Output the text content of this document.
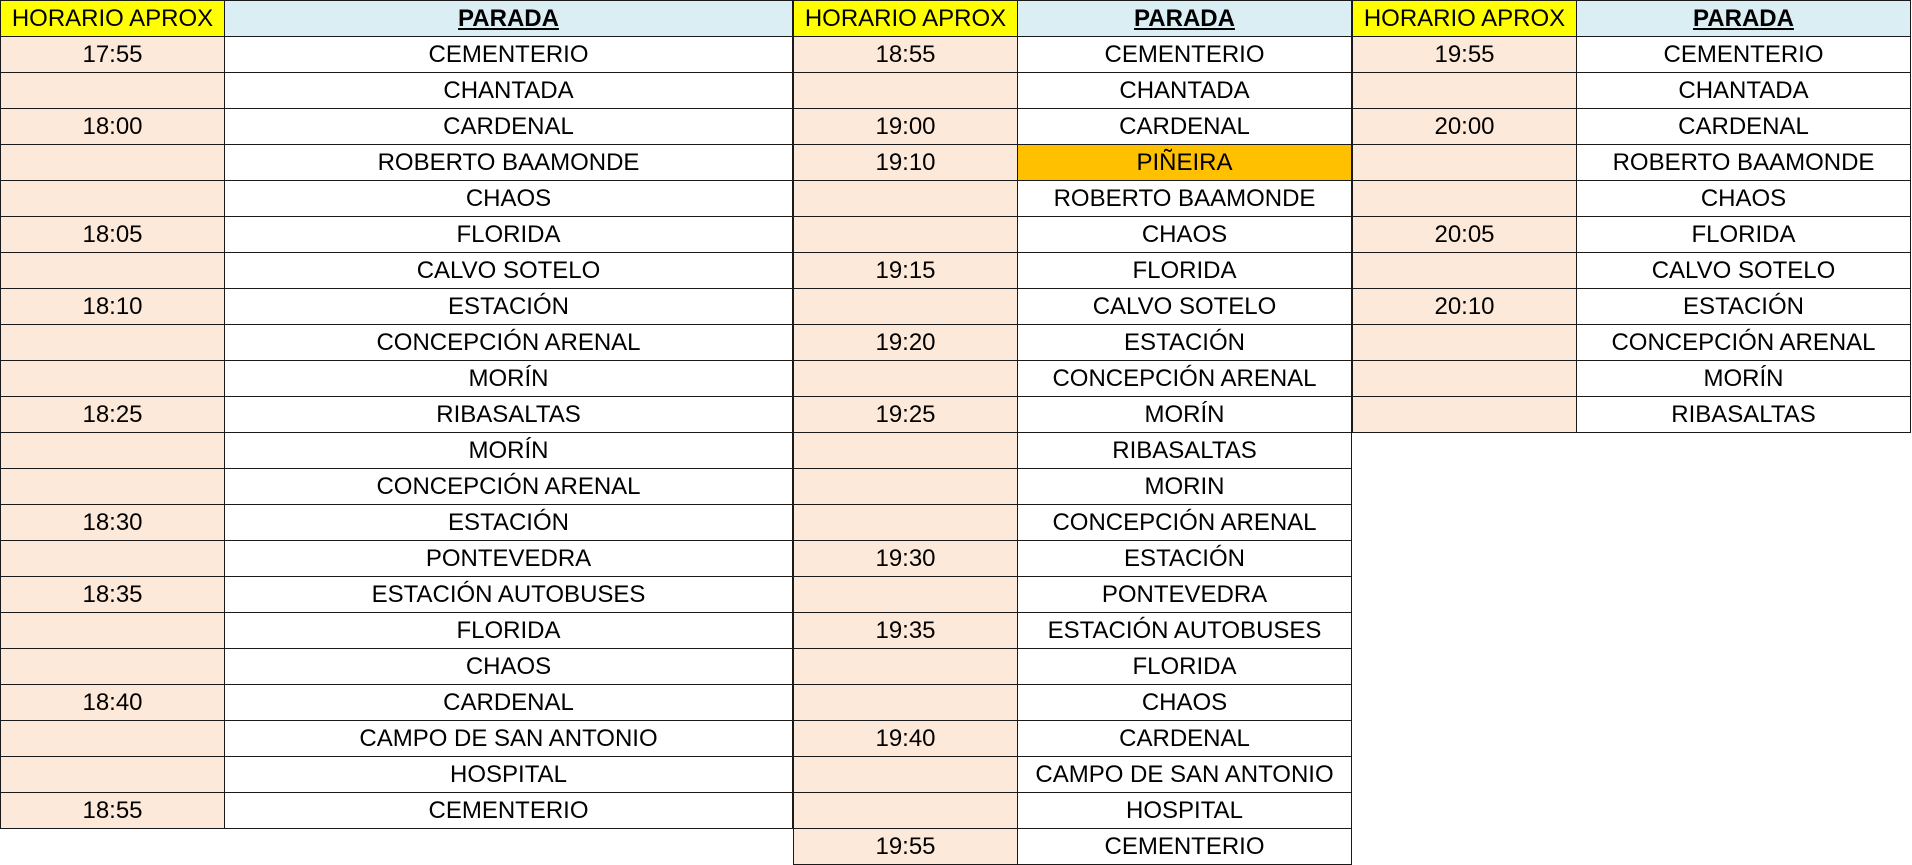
HORARIO APROX	PARADA
17:55	CEMENTERIO
	CHANTADA
18:00	CARDENAL
	ROBERTO BAAMONDE
	CHAOS
18:05	FLORIDA
	CALVO SOTELO
18:10	ESTACIÓN
	CONCEPCIÓN ARENAL
	MORÍN
18:25	RIBASALTAS
	MORÍN
	CONCEPCIÓN ARENAL
18:30	ESTACIÓN
	PONTEVEDRA
18:35	ESTACIÓN AUTOBUSES
	FLORIDA
	CHAOS
18:40	CARDENAL
	CAMPO DE SAN ANTONIO
	HOSPITAL
18:55	CEMENTERIO
HORARIO APROX	PARADA
18:55	CEMENTERIO
	CHANTADA
19:00	CARDENAL
19:10	PIÑEIRA
	ROBERTO BAAMONDE
	CHAOS
19:15	FLORIDA
	CALVO SOTELO
19:20	ESTACIÓN
	CONCEPCIÓN ARENAL
19:25	MORÍN
	RIBASALTAS
	MORIN
	CONCEPCIÓN ARENAL
19:30	ESTACIÓN
	PONTEVEDRA
19:35	ESTACIÓN AUTOBUSES
	FLORIDA
	CHAOS
19:40	CARDENAL
	CAMPO DE SAN ANTONIO
	HOSPITAL
19:55	CEMENTERIO
HORARIO APROX	PARADA
19:55	CEMENTERIO
	CHANTADA
20:00	CARDENAL
	ROBERTO BAAMONDE
	CHAOS
20:05	FLORIDA
	CALVO SOTELO
20:10	ESTACIÓN
	CONCEPCIÓN ARENAL
	MORÍN
	RIBASALTAS
